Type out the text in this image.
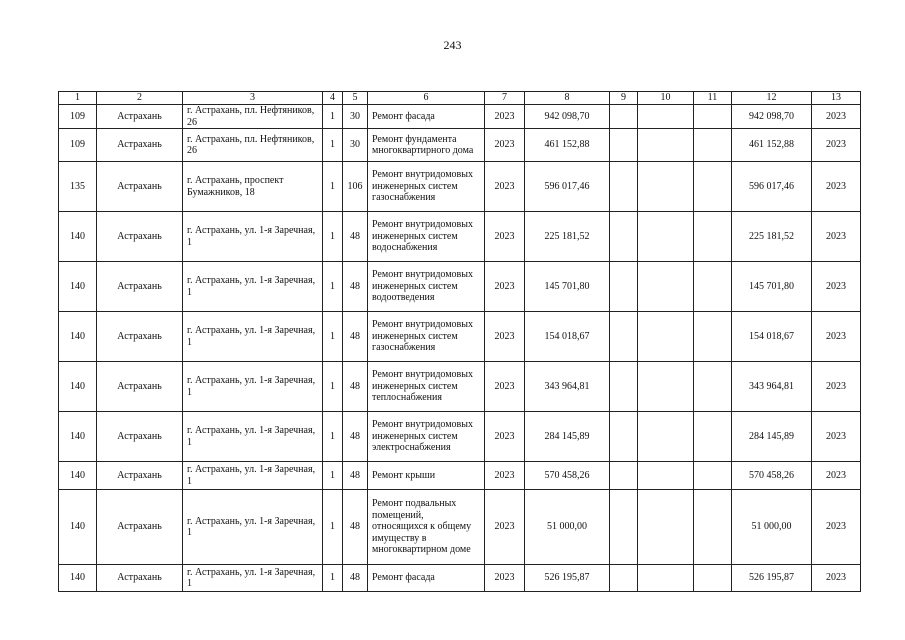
243
1	2	3	4	5	6	7	8	9	10	11	12	13
109	Астрахань	г. Астрахань, пл. Нефтяников, 26	1	30	Ремонт фасада	2023	942 098,70				942 098,70	2023
109	Астрахань	г. Астрахань, пл. Нефтяников, 26	1	30	Ремонт фундамента многоквартирного дома	2023	461 152,88				461 152,88	2023
135	Астрахань	г. Астрахань, проспект Бумажников, 18	1	106	Ремонт внутридомовых инженерных систем газоснабжения	2023	596 017,46				596 017,46	2023
140	Астрахань	г. Астрахань, ул. 1-я Заречная, 1	1	48	Ремонт внутридомовых инженерных систем водоснабжения	2023	225 181,52				225 181,52	2023
140	Астрахань	г. Астрахань, ул. 1-я Заречная, 1	1	48	Ремонт внутридомовых инженерных систем водоотведения	2023	145 701,80				145 701,80	2023
140	Астрахань	г. Астрахань, ул. 1-я Заречная, 1	1	48	Ремонт внутридомовых инженерных систем газоснабжения	2023	154 018,67				154 018,67	2023
140	Астрахань	г. Астрахань, ул. 1-я Заречная, 1	1	48	Ремонт внутридомовых инженерных систем теплоснабжения	2023	343 964,81				343 964,81	2023
140	Астрахань	г. Астрахань, ул. 1-я Заречная, 1	1	48	Ремонт внутридомовых инженерных систем электроснабжения	2023	284 145,89				284 145,89	2023
140	Астрахань	г. Астрахань, ул. 1-я Заречная, 1	1	48	Ремонт крыши	2023	570 458,26				570 458,26	2023
140	Астрахань	г. Астрахань, ул. 1-я Заречная, 1	1	48	Ремонт подвальных помещений, относящихся к общему имуществу в многоквартирном доме	2023	51 000,00				51 000,00	2023
140	Астрахань	г. Астрахань, ул. 1-я Заречная, 1	1	48	Ремонт фасада	2023	526 195,87				526 195,87	2023
